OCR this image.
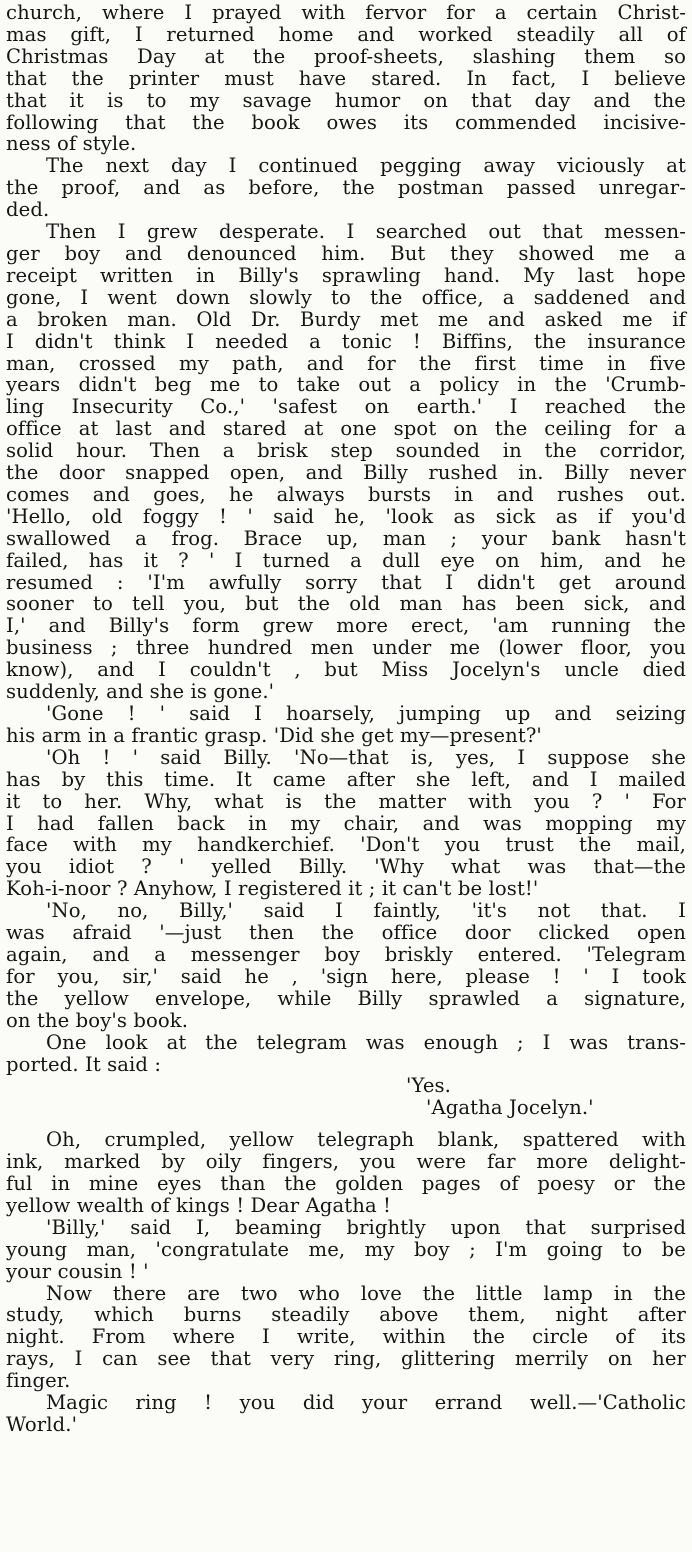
church, where I prayed with fervor for a certain Christ-
mas gift, I returned home and worked steadily all of
Christmas Day at the proof-sheets, slashing them so
that the printer must have stared. In fact, I believe
that it is to my savage humor on that day and the
following that the book owes its commended incisive-
ness of style.

The next day I continued pegging away viciously at
the proof, and as before, the postman passed unregar-
ded.

Then I grew desperate. I searched out that messen-
ger boy and denounced him. But they showed me a
receipt written in Billy's sprawling hand. My last hope
gone, I went down slowly to the office, a saddened and
a broken man. Old Dr. Burdy met me and asked me if
I didn't think I needed a tonic ! Biffins, the insurance
man, crossed my path, and for the first time in five
years didn't beg me to take out a policy in the 'Crumb-
ling Insecurity Co.,' 'safest on earth.' I reached the
office at last and stared at one spot on the ceiling for a
solid hour. Then a brisk step sounded in the corridor,
the door snapped open, and Billy rushed in. Billy never
comes and goes, he always bursts in and rushes out.
'Hello, old foggy ! ' said he, 'look as sick as if you'd
swallowed a frog. Brace up, man ; your bank hasn't
failed, has it ? ' I turned a dull eye on him, and he
resumed : 'I'm awfully sorry that I didn't get around
sooner to tell you, but the old man has been sick, and
I,' and Billy's form grew more erect, 'am running the
business ; three hundred men under me (lower floor, you
know), and I couldn't , but Miss Jocelyn's uncle died
suddenly, and she is gone.'

'Gone ! ' said I hoarsely, jumping up and seizing
his arm in a frantic grasp. 'Did she get my—present?'

'Oh ! ' said Billy. 'No—that is, yes, I suppose she
has by this time. It came after she left, and I mailed
it to her. Why, what is the matter with you ? ' For
I had fallen back in my chair, and was mopping my
face with my handkerchief. 'Don't you trust the mail,
you idiot ? ' yelled Billy. 'Why what was that—the
Koh-i-noor ? Anyhow, I registered it ; it can't be lost!'

'No, no, Billy,' said I faintly, 'it's not that. I
was afraid '—just then the office door clicked open
again, and a messenger boy briskly entered. 'Telegram
for you, sir,' said he , 'sign here, please ! ' I took
the yellow envelope, while Billy sprawled a signature,
on the boy's book.

One look at the telegram was enough ; I was trans-
ported. It said :

'Yes.
'Agatha Jocelyn.'

Oh, crumpled, yellow telegraph blank, spattered with
ink, marked by oily fingers, you were far more delight-
ful in mine eyes than the golden pages of poesy or the
yellow wealth of kings ! Dear Agatha !

'Billy,' said I, beaming brightly upon that surprised
young man, 'congratulate me, my boy ; I'm going to be
your cousin ! '

Now there are two who love the little lamp in the
study, which burns steadily above them, night after
night. From where I write, within the circle of its
rays, I can see that very ring, glittering merrily on her
finger.

Magic ring ! you did your errand well.—'Catholic
World.'
